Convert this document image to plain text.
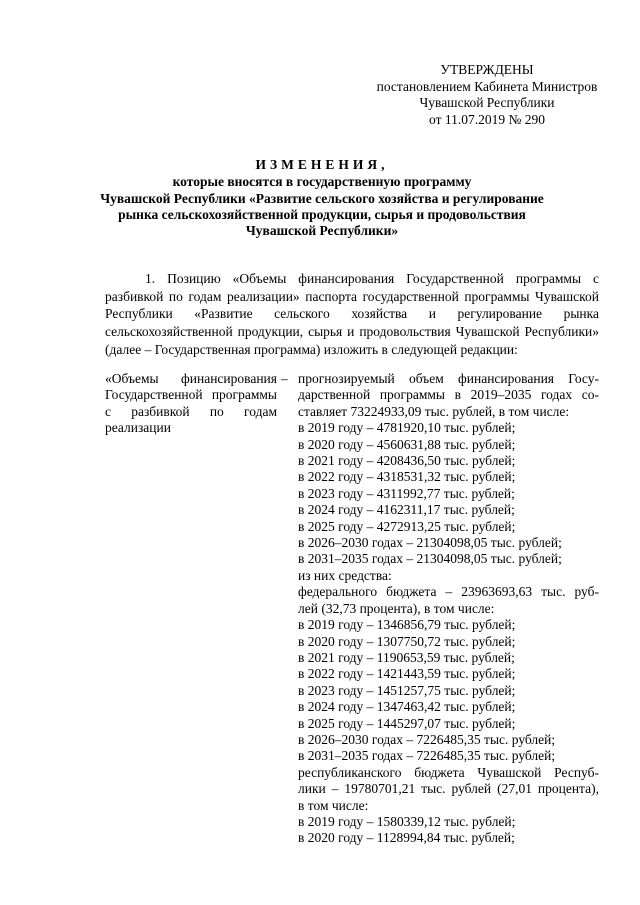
УТВЕРЖДЕНЫ
постановлением Кабинета Министров
Чувашской Республики
от 11.07.2019 № 290
ИЗМЕНЕНИЯ,
которые вносятся в государственную программу
Чувашской Республики «Развитие сельского хозяйства и регулирование
рынка сельскохозяйственной продукции, сырья и продовольствия
Чувашской Республики»
1. Позицию «Объемы финансирования Государственной программы с разбивкой по годам реализации» паспорта государственной программы Чувашской Республики «Развитие сельского хозяйства и регулирование рынка сельскохозяйственной продукции, сырья и продовольствия Чувашской Республики» (далее – Государственная программа) изложить в следующей редакции:
«Объемы финансирования Государственной программы с разбивкой по годам реализации
– прогнозируемый объем финансирования Госу-
дарственной программы в 2019–2035 годах со-
ставляет 73224933,09 тыс. рублей, в том числе:
в 2019 году – 4781920,10 тыс. рублей;
в 2020 году – 4560631,88 тыс. рублей;
в 2021 году – 4208436,50 тыс. рублей;
в 2022 году – 4318531,32 тыс. рублей;
в 2023 году – 4311992,77 тыс. рублей;
в 2024 году – 4162311,17 тыс. рублей;
в 2025 году – 4272913,25 тыс. рублей;
в 2026–2030 годах – 21304098,05 тыс. рублей;
в 2031–2035 годах – 21304098,05 тыс. рублей;
из них средства:
федерального бюджета – 23963693,63 тыс. руб-
лей (32,73 процента), в том числе:
в 2019 году – 1346856,79 тыс. рублей;
в 2020 году – 1307750,72 тыс. рублей;
в 2021 году – 1190653,59 тыс. рублей;
в 2022 году – 1421443,59 тыс. рублей;
в 2023 году – 1451257,75 тыс. рублей;
в 2024 году – 1347463,42 тыс. рублей;
в 2025 году – 1445297,07 тыс. рублей;
в 2026–2030 годах – 7226485,35 тыс. рублей;
в 2031–2035 годах – 7226485,35 тыс. рублей;
республиканского бюджета Чувашской Респуб-
лики – 19780701,21 тыс. рублей (27,01 процента),
в том числе:
в 2019 году – 1580339,12 тыс. рублей;
в 2020 году – 1128994,84 тыс. рублей;
